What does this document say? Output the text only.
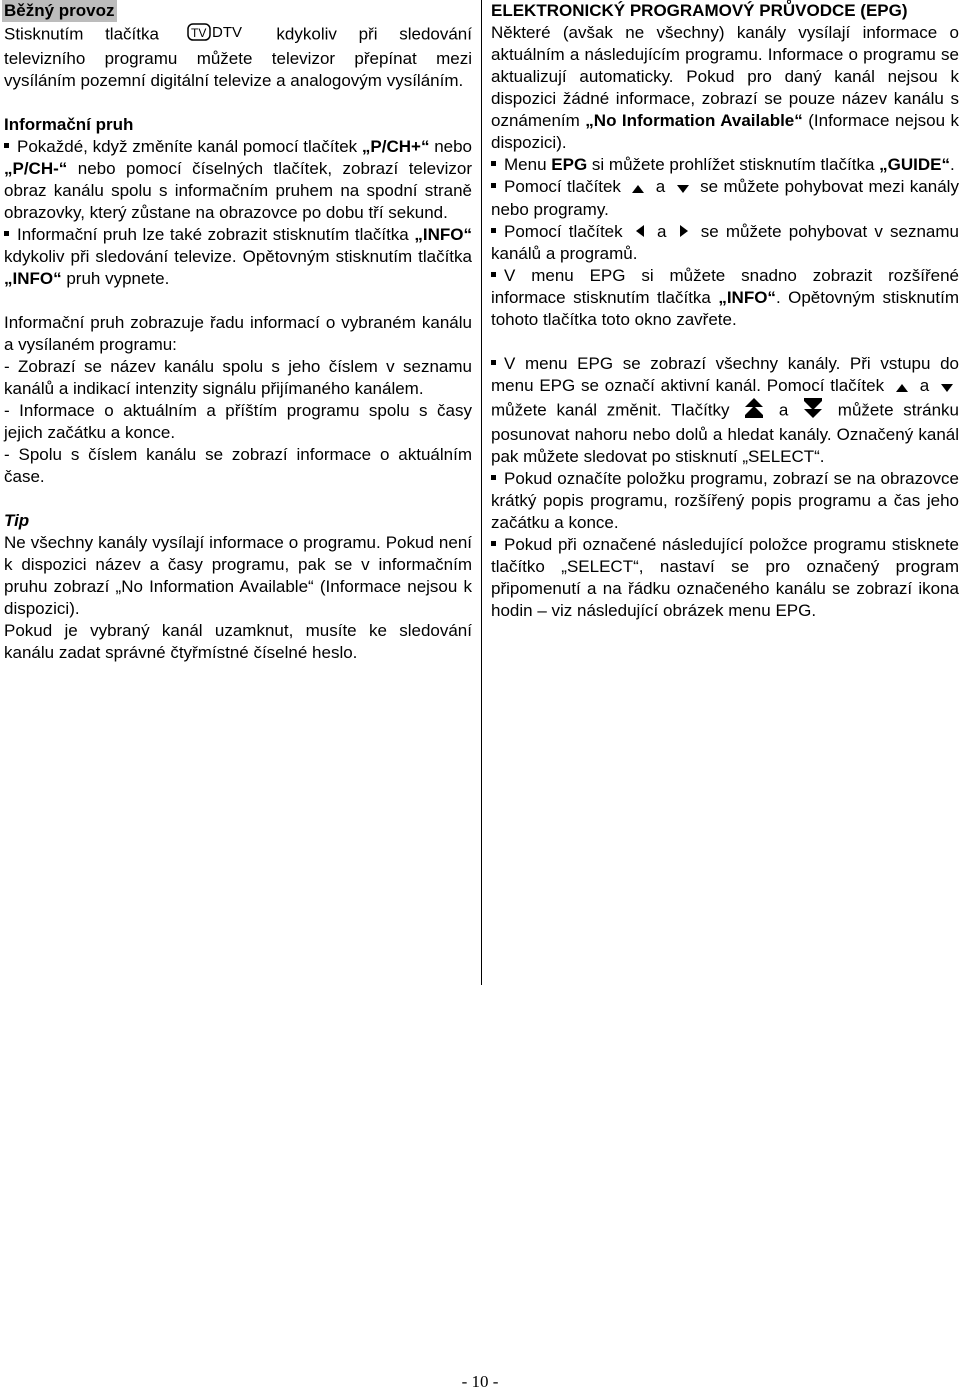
Běžný provoz

Stisknutím tlačítka	TV DTV kdykoliv při sledování televizního programu můžete televizor přepínat mezi vysíláním pozemní digitální televize a analogovým vysíláním.

Informační pruh

Pokaždé, když změníte kanál pomocí tlačítek „P/CH+“ nebo „P/CH-“ nebo pomocí číselných tlačítek, zobrazí televizor obraz kanálu spolu s informačním pruhem na spodní straně obrazovky, který zůstane na obrazovce po dobu tří sekund.

Informační pruh lze také zobrazit stisknutím tlačítka „INFO“ kdykoliv při sledování televize. Opětovným stisknutím tlačítka „INFO“ pruh vypnete.

Informační pruh zobrazuje řadu informací o vybraném kanálu a vysílaném programu:

- Zobrazí se název kanálu spolu s jeho číslem v seznamu kanálů a indikací intenzity signálu přijímaného kanálem.

- Informace o aktuálním a příštím programu spolu s časy jejich začátku a konce.

- Spolu s číslem kanálu se zobrazí informace o aktuálním čase.

Tip

Ne všechny kanály vysílají informace o programu. Pokud není k dispozici název a časy programu, pak se v informačním pruhu zobrazí „No Information Available“ (Informace nejsou k dispozici).

Pokud je vybraný kanál uzamknut, musíte ke sledování kanálu zadat správné čtyřmístné číselné heslo.

ELEKTRONICKÝ PROGRAMOVÝ PRŮVODCE (EPG)

Některé (avšak ne všechny) kanály vysílají informace o aktuálním a následujícím programu. Informace o programu se aktualizují automaticky. Pokud pro daný kanál nejsou k dispozici žádné informace, zobrazí se pouze název kanálu s oznámením „No Information Available“ (Informace nejsou k dispozici).

Menu EPG si můžete prohlížet stisknutím tlačítka „GUIDE“.

Pomocí tlačítek a se můžete pohybovat mezi kanály nebo programy.

Pomocí tlačítek a se můžete pohybovat v seznamu kanálů a programů.

V menu EPG si můžete snadno zobrazit rozšířené informace stisknutím tlačítka „INFO“. Opětovným stisknutím tohoto tlačítka toto okno zavřete.

V menu EPG se zobrazí všechny kanály. Při vstupu do menu EPG se označí aktivní kanál. Pomocí tlačítek a  můžete kanál změnit. Tlačítky	a	můžete stránku posunovat nahoru nebo dolů a hledat kanály. Označený kanál pak můžete sledovat po stisknutí „SELECT“.

Pokud označíte položku programu, zobrazí se na obrazovce krátký popis programu, rozšířený popis programu a čas jeho začátku a konce.

Pokud při označené následující položce programu stisknete tlačítko „SELECT“, nastaví se pro označený program připomenutí a na řádku označeného kanálu se zobrazí ikona hodin – viz následující obrázek menu EPG.

- 10 -
